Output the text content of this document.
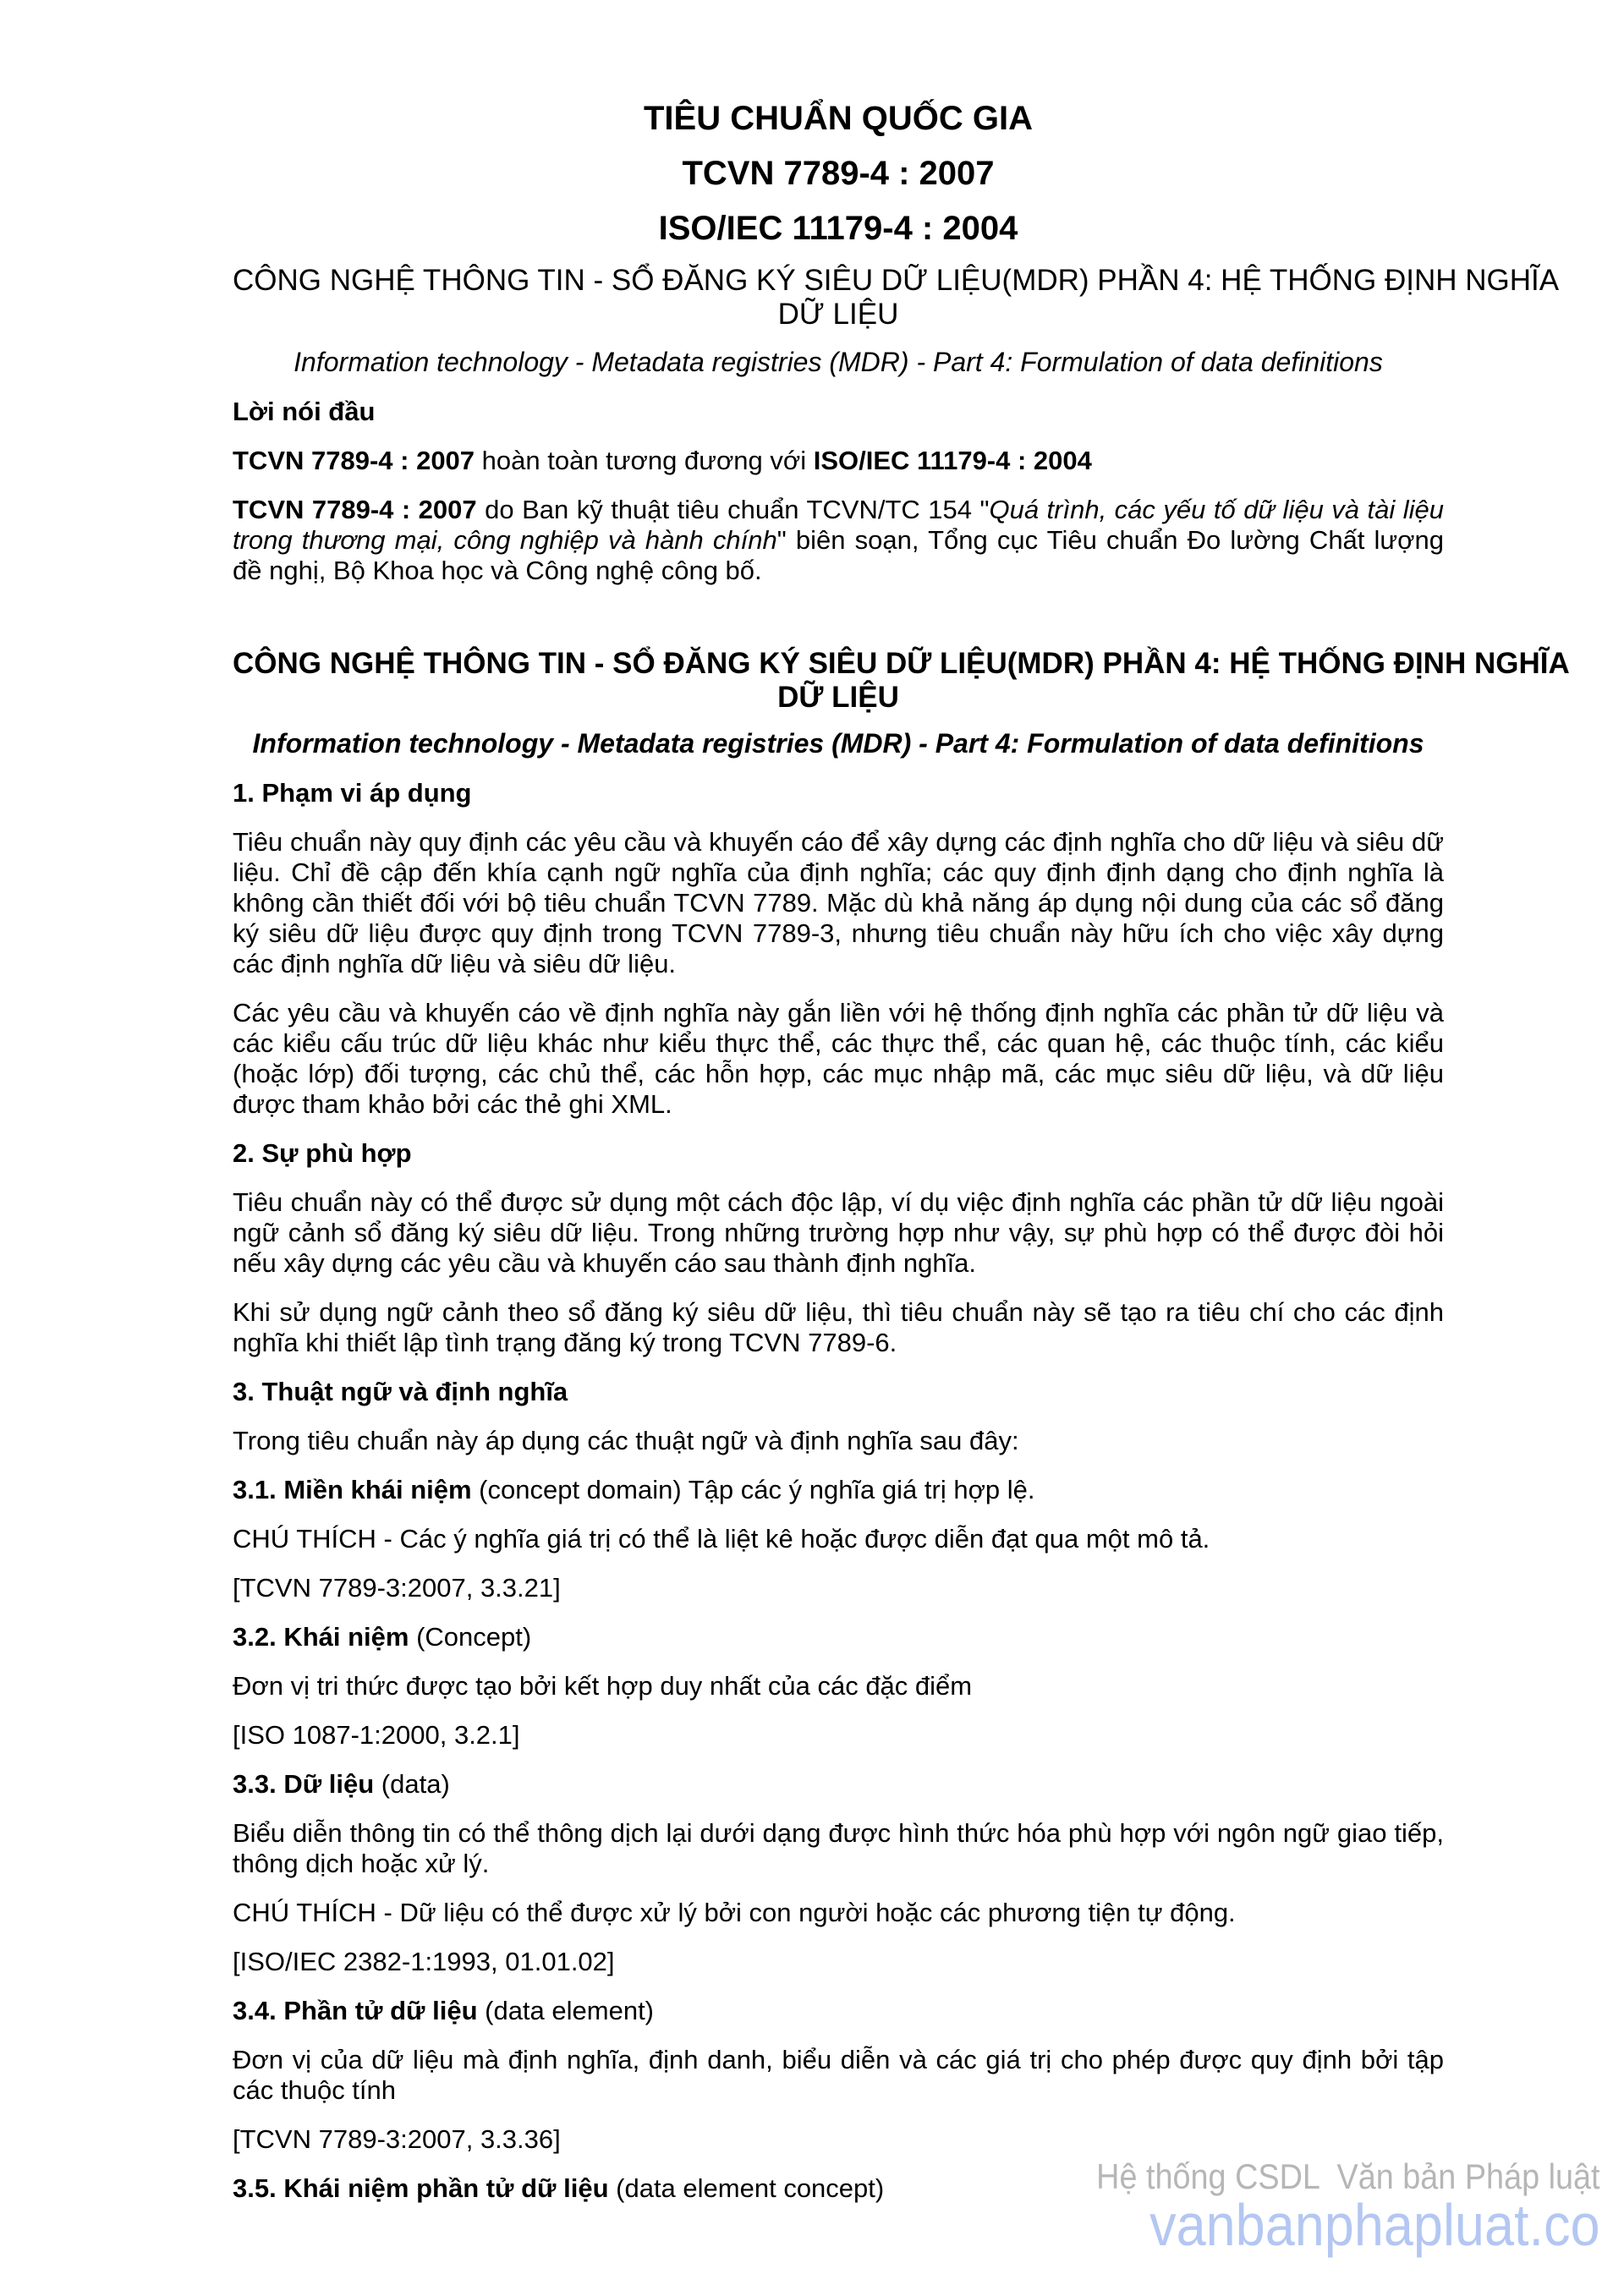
TIÊU CHUẨN QUỐC GIA
TCVN 7789-4 : 2007
ISO/IEC 11179-4 : 2004
CÔNG NGHỆ THÔNG TIN - SỔ ĐĂNG KÝ SIÊU DỮ LIỆU(MDR) PHẦN 4: HỆ THỐNG ĐỊNH NGHĨA
DỮ LIỆU
Information technology - Metadata registries (MDR) - Part 4: Formulation of data definitions

Lời nói đầu

TCVN 7789-4 : 2007 hoàn toàn tương đương với ISO/IEC 11179-4 : 2004

TCVN 7789-4 : 2007 do Ban kỹ thuật tiêu chuẩn TCVN/TC 154 "Quá trình, các yếu tố dữ liệu và tài liệu trong thương mại, công nghiệp và hành chính" biên soạn, Tổng cục Tiêu chuẩn Đo lường Chất lượng đề nghị, Bộ Khoa học và Công nghệ công bố.

CÔNG NGHỆ THÔNG TIN - SỔ ĐĂNG KÝ SIÊU DỮ LIỆU(MDR) PHẦN 4: HỆ THỐNG ĐỊNH NGHĨA
DỮ LIỆU
Information technology - Metadata registries (MDR) - Part 4: Formulation of data definitions

1. Phạm vi áp dụng

Tiêu chuẩn này quy định các yêu cầu và khuyến cáo để xây dựng các định nghĩa cho dữ liệu và siêu dữ liệu. Chỉ đề cập đến khía cạnh ngữ nghĩa của định nghĩa; các quy định định dạng cho định nghĩa là không cần thiết đối với bộ tiêu chuẩn TCVN 7789. Mặc dù khả năng áp dụng nội dung của các sổ đăng ký siêu dữ liệu được quy định trong TCVN 7789-3, nhưng tiêu chuẩn này hữu ích cho việc xây dựng các định nghĩa dữ liệu và siêu dữ liệu.

Các yêu cầu và khuyến cáo về định nghĩa này gắn liền với hệ thống định nghĩa các phần tử dữ liệu và các kiểu cấu trúc dữ liệu khác như kiểu thực thể, các thực thể, các quan hệ, các thuộc tính, các kiểu (hoặc lớp) đối tượng, các chủ thể, các hỗn hợp, các mục nhập mã, các mục siêu dữ liệu, và dữ liệu được tham khảo bởi các thẻ ghi XML.

2. Sự phù hợp

Tiêu chuẩn này có thể được sử dụng một cách độc lập, ví dụ việc định nghĩa các phần tử dữ liệu ngoài ngữ cảnh sổ đăng ký siêu dữ liệu. Trong những trường hợp như vậy, sự phù hợp có thể được đòi hỏi nếu xây dựng các yêu cầu và khuyến cáo sau thành định nghĩa.

Khi sử dụng ngữ cảnh theo sổ đăng ký siêu dữ liệu, thì tiêu chuẩn này sẽ tạo ra tiêu chí cho các định nghĩa khi thiết lập tình trạng đăng ký trong TCVN 7789-6.

3. Thuật ngữ và định nghĩa

Trong tiêu chuẩn này áp dụng các thuật ngữ và định nghĩa sau đây:

3.1. Miền khái niệm (concept domain) Tập các ý nghĩa giá trị hợp lệ.

CHÚ THÍCH - Các ý nghĩa giá trị có thể là liệt kê hoặc được diễn đạt qua một mô tả.

[TCVN 7789-3:2007, 3.3.21]

3.2. Khái niệm (Concept)

Đơn vị tri thức được tạo bởi kết hợp duy nhất của các đặc điểm

[ISO 1087-1:2000, 3.2.1]

3.3. Dữ liệu (data)

Biểu diễn thông tin có thể thông dịch lại dưới dạng được hình thức hóa phù hợp với ngôn ngữ giao tiếp, thông dịch hoặc xử lý.

CHÚ THÍCH - Dữ liệu có thể được xử lý bởi con người hoặc các phương tiện tự động.

[ISO/IEC 2382-1:1993, 01.01.02]

3.4. Phần tử dữ liệu (data element)

Đơn vị của dữ liệu mà định nghĩa, định danh, biểu diễn và các giá trị cho phép được quy định bởi tập các thuộc tính

[TCVN 7789-3:2007, 3.3.36]

3.5. Khái niệm phần tử dữ liệu (data element concept)	Hệ thống CSDL  Văn bản Pháp luật
vanbanphapluat.co
